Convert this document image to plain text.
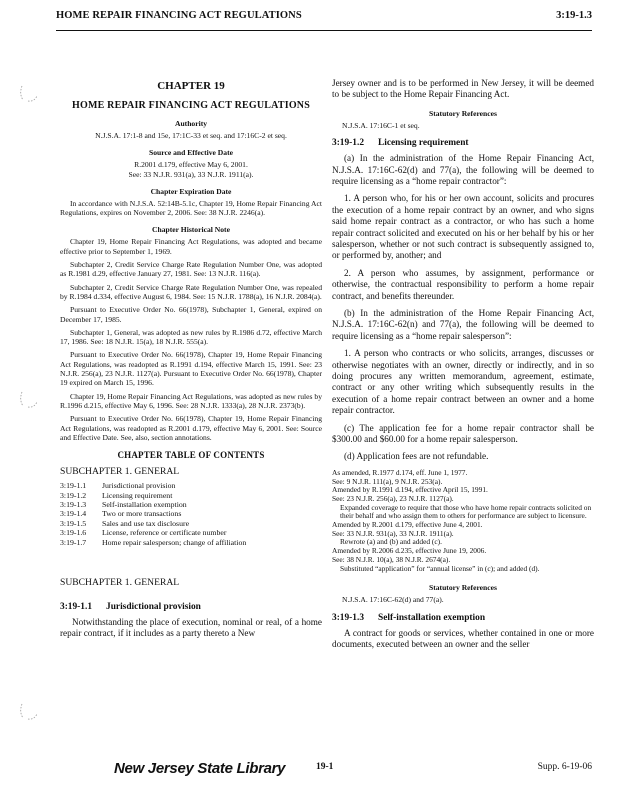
HOME REPAIR FINANCING ACT REGULATIONS	3:19-1.3
CHAPTER 19
HOME REPAIR FINANCING ACT REGULATIONS
Authority

N.J.S.A. 17:1-8 and 15e, 17:1C-33 et seq. and 17:16C-2 et seq.

Source and Effective Date

R.2001 d.179, effective May 6, 2001.

See: 33 N.J.R. 931(a), 33 N.J.R. 1911(a).

Chapter Expiration Date

In accordance with N.J.S.A. 52:14B-5.1c, Chapter 19, Home Repair Financing Act Regulations, expires on November 2, 2006. See: 38 N.J.R. 2246(a).

Chapter Historical Note

Chapter 19, Home Repair Financing Act Regulations, was adopted and became effective prior to September 1, 1969.

Subchapter 2, Credit Service Charge Rate Regulation Number One, was adopted as R.1981 d.29, effective January 27, 1981. See: 13 N.J.R. 116(a).

Subchapter 2, Credit Service Charge Rate Regulation Number One, was repealed by R.1984 d.334, effective August 6, 1984. See: 15 N.J.R. 1788(a), 16 N.J.R. 2084(a).

Pursuant to Executive Order No. 66(1978), Subchapter 1, General, expired on December 17, 1985.

Subchapter 1, General, was adopted as new rules by R.1986 d.72, effective March 17, 1986. See: 18 N.J.R. 15(a), 18 N.J.R. 555(a).

Pursuant to Executive Order No. 66(1978), Chapter 19, Home Repair Financing Act Regulations, was readopted as R.1991 d.194, effective March 15, 1991. See: 23 N.J.R. 256(a), 23 N.J.R. 1127(a). Pursuant to Executive Order No. 66(1978), Chapter 19 expired on March 15, 1996.

Chapter 19, Home Repair Financing Act Regulations, was adopted as new rules by R.1996 d.215, effective May 6, 1996. See: 28 N.J.R. 1333(a), 28 N.J.R. 2373(b).

Pursuant to Executive Order No. 66(1978), Chapter 19, Home Repair Financing Act Regulations, was readopted as R.2001 d.179, effective May 6, 2001. See: Source and Effective Date. See, also, section annotations.

CHAPTER TABLE OF CONTENTS
SUBCHAPTER 1. GENERAL
3:19-1.1	Jurisdictional provision
3:19-1.2	Licensing requirement
3:19-1.3	Self-installation exemption
3:19-1.4	Two or more transactions
3:19-1.5	Sales and use tax disclosure
3:19-1.6	License, reference or certificate number
3:19-1.7	Home repair salesperson; change of affiliation
SUBCHAPTER 1. GENERAL
3:19-1.1 Jurisdictional provision

Notwithstanding the place of execution, nominal or real, of a home repair contract, if it includes as a party thereto a New

Jersey owner and is to be performed in New Jersey, it will be deemed to be subject to the Home Repair Financing Act.

Statutory References

N.J.S.A. 17:16C-1 et seq.

3:19-1.2 Licensing requirement

(a) In the administration of the Home Repair Financing Act, N.J.S.A. 17:16C-62(d) and 77(a), the following will be deemed to require licensing as a “home repair contractor”:

1. A person who, for his or her own account, solicits and procures the execution of a home repair contract by an owner, and who signs said home repair contract as a contractor, or who has such a home repair contract solicited and executed on his or her behalf by his or her salesperson, whether or not such contract is subsequently assigned to, or performed by, another; and

2. A person who assumes, by assignment, performance or otherwise, the contractual responsibility to perform a home repair contract, and benefits thereunder.

(b) In the administration of the Home Repair Financing Act, N.J.S.A. 17:16C-62(n) and 77(a), the following will be deemed to require licensing as a “home repair salesperson”:

1. A person who contracts or who solicits, arranges, discusses or otherwise negotiates with an owner, directly or indirectly, and in so doing procures any written memorandum, agreement, estimate, contract or any other writing which subsequently results in the execution of a home repair contract between an owner and a home repair contractor.

(c) The application fee for a home repair contractor shall be $300.00 and $60.00 for a home repair salesperson.

(d) Application fees are not refundable.

As amended, R.1977 d.174, eff. June 1, 1977.

See: 9 N.J.R. 111(a), 9 N.J.R. 253(a).

Amended by R.1991 d.194, effective April 15, 1991.

See: 23 N.J.R. 256(a), 23 N.J.R. 1127(a).

Expanded coverage to require that those who have home repair contracts solicited on their behalf and who assign them to others for performance are subject to licensure.

Amended by R.2001 d.179, effective June 4, 2001.

See: 33 N.J.R. 931(a), 33 N.J.R. 1911(a).

Rewrote (a) and (b) and added (c).

Amended by R.2006 d.235, effective June 19, 2006.

See: 38 N.J.R. 10(a), 38 N.J.R. 2674(a).

Substituted “application” for “annual license” in (c); and added (d).

Statutory References

N.J.S.A. 17:16C-62(d) and 77(a).

3:19-1.3 Self-installation exemption

A contract for goods or services, whether contained in one or more documents, executed between an owner and the seller

New Jersey State Library	19-1	Supp. 6-19-06
